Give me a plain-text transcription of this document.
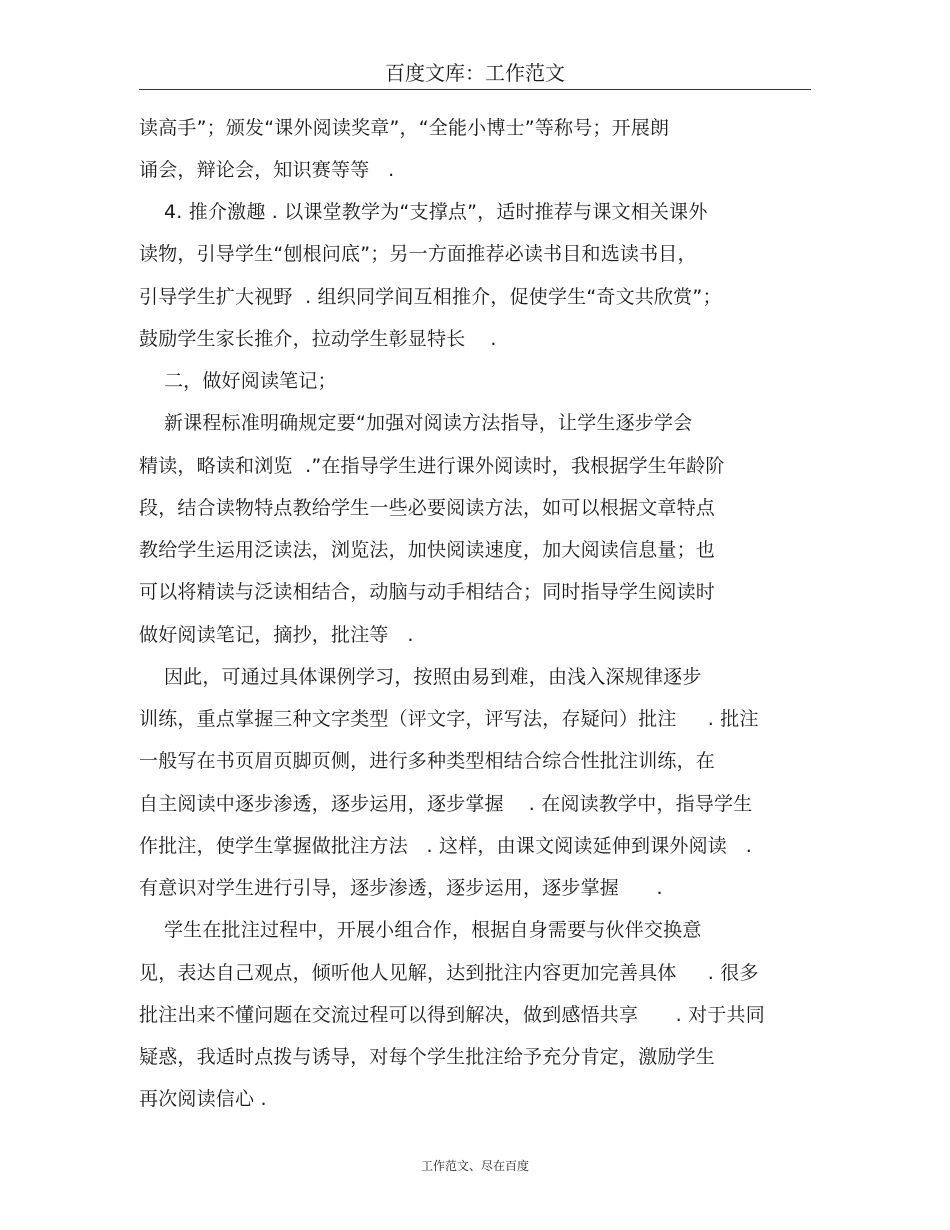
百度文库：工作范文
读高手”；颁发“课外阅读奖章”，“全能小博士”等称号；开展朗
诵会，辩论会，知识赛等等   .
4. 推介激趣 . 以课堂教学为“支撑点”，适时推荐与课文相关课外
读物，引导学生“刨根问底”；另一方面推荐必读书目和选读书目，
引导学生扩大视野  . 组织同学间互相推介，促使学生“奇文共欣赏”；
鼓励学生家长推介，拉动学生彰显特长    .
二，做好阅读笔记；
新课程标准明确规定要“加强对阅读方法指导，让学生逐步学会
精读，略读和浏览  .”在指导学生进行课外阅读时，我根据学生年龄阶
段，结合读物特点教给学生一些必要阅读方法，如可以根据文章特点
教给学生运用泛读法，浏览法，加快阅读速度，加大阅读信息量；也
可以将精读与泛读相结合，动脑与动手相结合；同时指导学生阅读时
做好阅读笔记，摘抄，批注等   .
因此，可通过具体课例学习，按照由易到难，由浅入深规律逐步
训练，重点掌握三种文字类型（评文字，评写法，存疑问）批注     . 批注
一般写在书页眉页脚页侧，进行多种类型相结合综合性批注训练，在
自主阅读中逐步渗透，逐步运用，逐步掌握    . 在阅读教学中，指导学生
作批注，使学生掌握做批注方法   . 这样，由课文阅读延伸到课外阅读   .
有意识对学生进行引导，逐步渗透，逐步运用，逐步掌握      .
学生在批注过程中，开展小组合作，根据自身需要与伙伴交换意
见，表达自己观点，倾听他人见解，达到批注内容更加完善具体     . 很多
批注出来不懂问题在交流过程可以得到解决，做到感悟共享      . 对于共同
疑惑，我适时点拨与诱导，对每个学生批注给予充分肯定，激励学生
再次阅读信心 .
工作范文、尽在百度
